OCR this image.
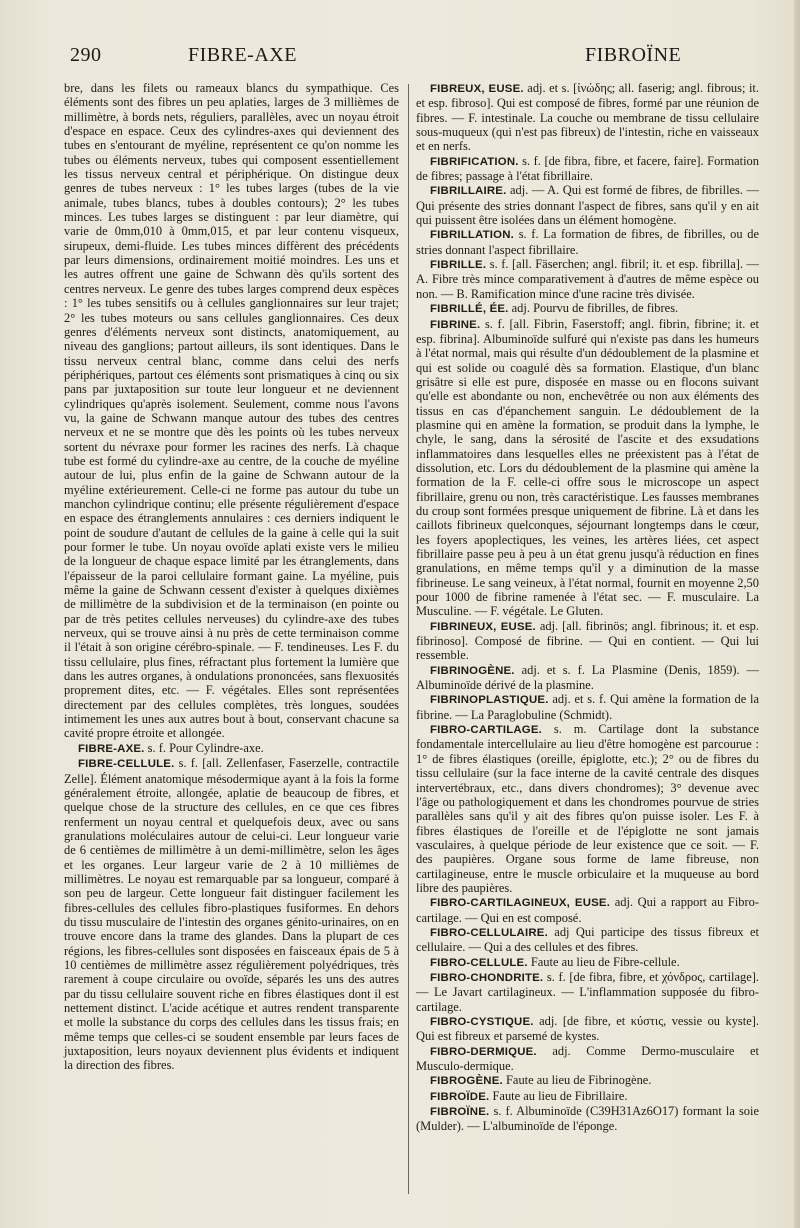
290	FIBRE-AXE	FIBROÏNE

bre, dans les filets ou rameaux blancs du sympathique. Ces éléments sont des fibres un peu aplaties, larges de 3 millièmes de millimètre, à bords nets, réguliers, parallèles, avec un noyau étroit d'espace en espace. Ceux des cylindres-axes qui deviennent des tubes en s'entourant de myéline, représentent ce qu'on nomme les tubes ou éléments nerveux, tubes qui composent essentiellement les tissus nerveux central et périphérique. On distingue deux genres de tubes nerveux : 1° les tubes larges (tubes de la vie animale, tubes blancs, tubes à doubles contours); 2° les tubes minces. Les tubes larges se distinguent : par leur diamètre, qui varie de 0mm,010 à 0mm,015, et par leur contenu visqueux, sirupeux, demi-fluide. Les tubes minces diffèrent des précédents par leurs dimensions, ordinairement moitié moindres. Les uns et les autres offrent une gaine de Schwann dès qu'ils sortent des centres nerveux. Le genre des tubes larges comprend deux espèces : 1° les tubes sensitifs ou à cellules ganglionnaires sur leur trajet; 2° les tubes moteurs ou sans cellules ganglionnaires. Ces deux genres d'éléments nerveux sont distincts, anatomiquement, au niveau des ganglions; partout ailleurs, ils sont identiques. Dans le tissu nerveux central blanc, comme dans celui des nerfs périphériques, partout ces éléments sont prismatiques à cinq ou six pans par juxtaposition sur toute leur longueur et ne deviennent cylindriques qu'après isolement. Seulement, comme nous l'avons vu, la gaine de Schwann manque autour des tubes des centres nerveux et ne se montre que dès les points où les tubes nerveux sortent du névraxe pour former les racines des nerfs. Là chaque tube est formé du cylindre-axe au centre, de la couche de myéline autour de lui, plus enfin de la gaine de Schwann autour de la myéline extérieurement. Celle-ci ne forme pas autour du tube un manchon cylindrique continu; elle présente régulièrement d'espace en espace des étranglements annulaires : ces derniers indiquent le point de soudure d'autant de cellules de la gaine à celle qui la suit pour former le tube. Un noyau ovoïde aplati existe vers le milieu de la longueur de chaque espace limité par les étranglements, dans l'épaisseur de la paroi cellulaire formant gaine. La myéline, puis même la gaine de Schwann cessent d'exister à quelques dixièmes de millimètre de la subdivision et de la terminaison (en pointe ou par de très petites cellules nerveuses) du cylindre-axe des tubes nerveux, qui se trouve ainsi à nu près de cette terminaison comme il l'était à son origine cérébro-spinale. — F. tendineuses. Les F. du tissu cellulaire, plus fines, réfractant plus fortement la lumière que dans les autres organes, à ondulations prononcées, sans flexuosités proprement dites, etc. — F. végétales. Elles sont représentées directement par des cellules complètes, très longues, soudées intimement les unes aux autres bout à bout, conservant chacune sa cavité propre étroite et allongée.

FIBRE-AXE. s. f. Pour Cylindre-axe.

FIBRE-CELLULE. s. f. [all. Zellenfaser, Faserzelle, contractile Zelle]. Élément anatomique mésodermique ayant à la fois la forme généralement étroite, allongée, aplatie de beaucoup de fibres, et quelque chose de la structure des cellules, en ce que ces fibres renferment un noyau central et quelquefois deux, avec ou sans granulations moléculaires autour de celui-ci. Leur longueur varie de 6 centièmes de millimètre à un demi-millimètre, selon les âges et les organes. Leur largeur varie de 2 à 10 millièmes de millimètres. Le noyau est remarquable par sa longueur, comparé à son peu de largeur. Cette longueur fait distinguer facilement les fibres-cellules des cellules fibro-plastiques fusiformes. En dehors du tissu musculaire de l'intestin des organes génito-urinaires, on en trouve encore dans la trame des glandes. Dans la plupart de ces régions, les fibres-cellules sont disposées en faisceaux épais de 5 à 10 centièmes de millimètre assez régulièrement polyédriques, très rarement à coupe circulaire ou ovoïde, séparés les uns des autres par du tissu cellulaire souvent riche en fibres élastiques dont il est nettement distinct. L'acide acétique et autres rendent transparente et molle la substance du corps des cellules dans les tissus frais; en même temps que celles-ci se soudent ensemble par leurs faces de juxtaposition, leurs noyaux deviennent plus évidents et indiquent la direction des fibres.

FIBREUX, EUSE. adj. et s. [ἰνώδης; all. faserig; angl. fibrous; it. et esp. fibroso]. Qui est composé de fibres, formé par une réunion de fibres. — F. intestinale. La couche ou membrane de tissu cellulaire sous-muqueux (qui n'est pas fibreux) de l'intestin, riche en vaisseaux et en nerfs.

FIBRIFICATION. s. f. [de fibra, fibre, et facere, faire]. Formation de fibres; passage à l'état fibrillaire.

FIBRILLAIRE. adj. — A. Qui est formé de fibres, de fibrilles. — Qui présente des stries donnant l'aspect de fibres, sans qu'il y en ait qui puissent être isolées dans un élément homogène.

FIBRILLATION. s. f. La formation de fibres, de fibrilles, ou de stries donnant l'aspect fibrillaire.

FIBRILLE. s. f. [all. Fäserchen; angl. fibril; it. et esp. fibrilla]. — A. Fibre très mince comparativement à d'autres de même espèce ou non. — B. Ramification mince d'une racine très divisée.

FIBRILLÉ, ÉE. adj. Pourvu de fibrilles, de fibres.

FIBRINE. s. f. [all. Fibrin, Faserstoff; angl. fibrin, fibrine; it. et esp. fibrina]. Albuminoïde sulfuré qui n'existe pas dans les humeurs à l'état normal, mais qui résulte d'un dédoublement de la plasmine et qui est solide ou coagulé dès sa formation. Elastique, d'un blanc grisâtre si elle est pure, disposée en masse ou en flocons suivant qu'elle est abondante ou non, enchevêtrée ou non aux éléments des tissus en cas d'épanchement sanguin. Le dédoublement de la plasmine qui en amène la formation, se produit dans la lymphe, le chyle, le sang, dans la sérosité de l'ascite et des exsudations inflammatoires dans lesquelles elles ne préexistent pas à l'état de dissolution, etc. Lors du dédoublement de la plasmine qui amène la formation de la F. celle-ci offre sous le microscope un aspect fibrillaire, grenu ou non, très caractéristique. Les fausses membranes du croup sont formées presque uniquement de fibrine. Là et dans les caillots fibrineux quelconques, séjournant longtemps dans le cœur, les foyers apoplectiques, les veines, les artères liées, cet aspect fibrillaire passe peu à peu à un état grenu jusqu'à réduction en fines granulations, en même temps qu'il y a diminution de la masse fibrineuse. Le sang veineux, à l'état normal, fournit en moyenne 2,50 pour 1000 de fibrine ramenée à l'état sec. — F. musculaire. La Musculine. — F. végétale. Le Gluten.

FIBRINEUX, EUSE. adj. [all. fibrinös; angl. fibrinous; it. et esp. fibrinoso]. Composé de fibrine. — Qui en contient. — Qui lui ressemble.

FIBRINOGÈNE. adj. et s. f. La Plasmine (Denis, 1859). — Albuminoïde dérivé de la plasmine.

FIBRINOPLASTIQUE. adj. et s. f. Qui amène la formation de la fibrine. — La Paraglobuline (Schmidt).

FIBRO-CARTILAGE. s. m. Cartilage dont la substance fondamentale intercellulaire au lieu d'être homogène est parcourue : 1° de fibres élastiques (oreille, épiglotte, etc.); 2° ou de fibres du tissu cellulaire (sur la face interne de la cavité centrale des disques intervertébraux, etc., dans divers chondromes); 3° devenue avec l'âge ou pathologiquement et dans les chondromes pourvue de stries parallèles sans qu'il y ait des fibres qu'on puisse isoler. Les F. à fibres élastiques de l'oreille et de l'épiglotte ne sont jamais vasculaires, à quelque période de leur existence que ce soit. — F. des paupières. Organe sous forme de lame fibreuse, non cartilagineuse, entre le muscle orbiculaire et la muqueuse au bord libre des paupières.

FIBRO-CARTILAGINEUX, EUSE. adj. Qui a rapport au Fibro-cartilage. — Qui en est composé.

FIBRO-CELLULAIRE. adj Qui participe des tissus fibreux et cellulaire. — Qui a des cellules et des fibres.

FIBRO-CELLULE. Faute au lieu de Fibre-cellule.

FIBRO-CHONDRITE. s. f. [de fibra, fibre, et χόνδρος, cartilage]. — Le Javart cartilagineux. — L'inflammation supposée du fibro-cartilage.

FIBRO-CYSTIQUE. adj. [de fibre, et κύστις, vessie ou kyste]. Qui est fibreux et parsemé de kystes.

FIBRO-DERMIQUE. adj. Comme Dermo-musculaire et Musculo-dermique.

FIBROGÈNE. Faute au lieu de Fibrinogène.

FIBROÏDE. Faute au lieu de Fibrillaire.

FIBROÏNE. s. f. Albuminoïde (C39H31Az6O17) formant la soie (Mulder). — L'albuminoïde de l'éponge.
